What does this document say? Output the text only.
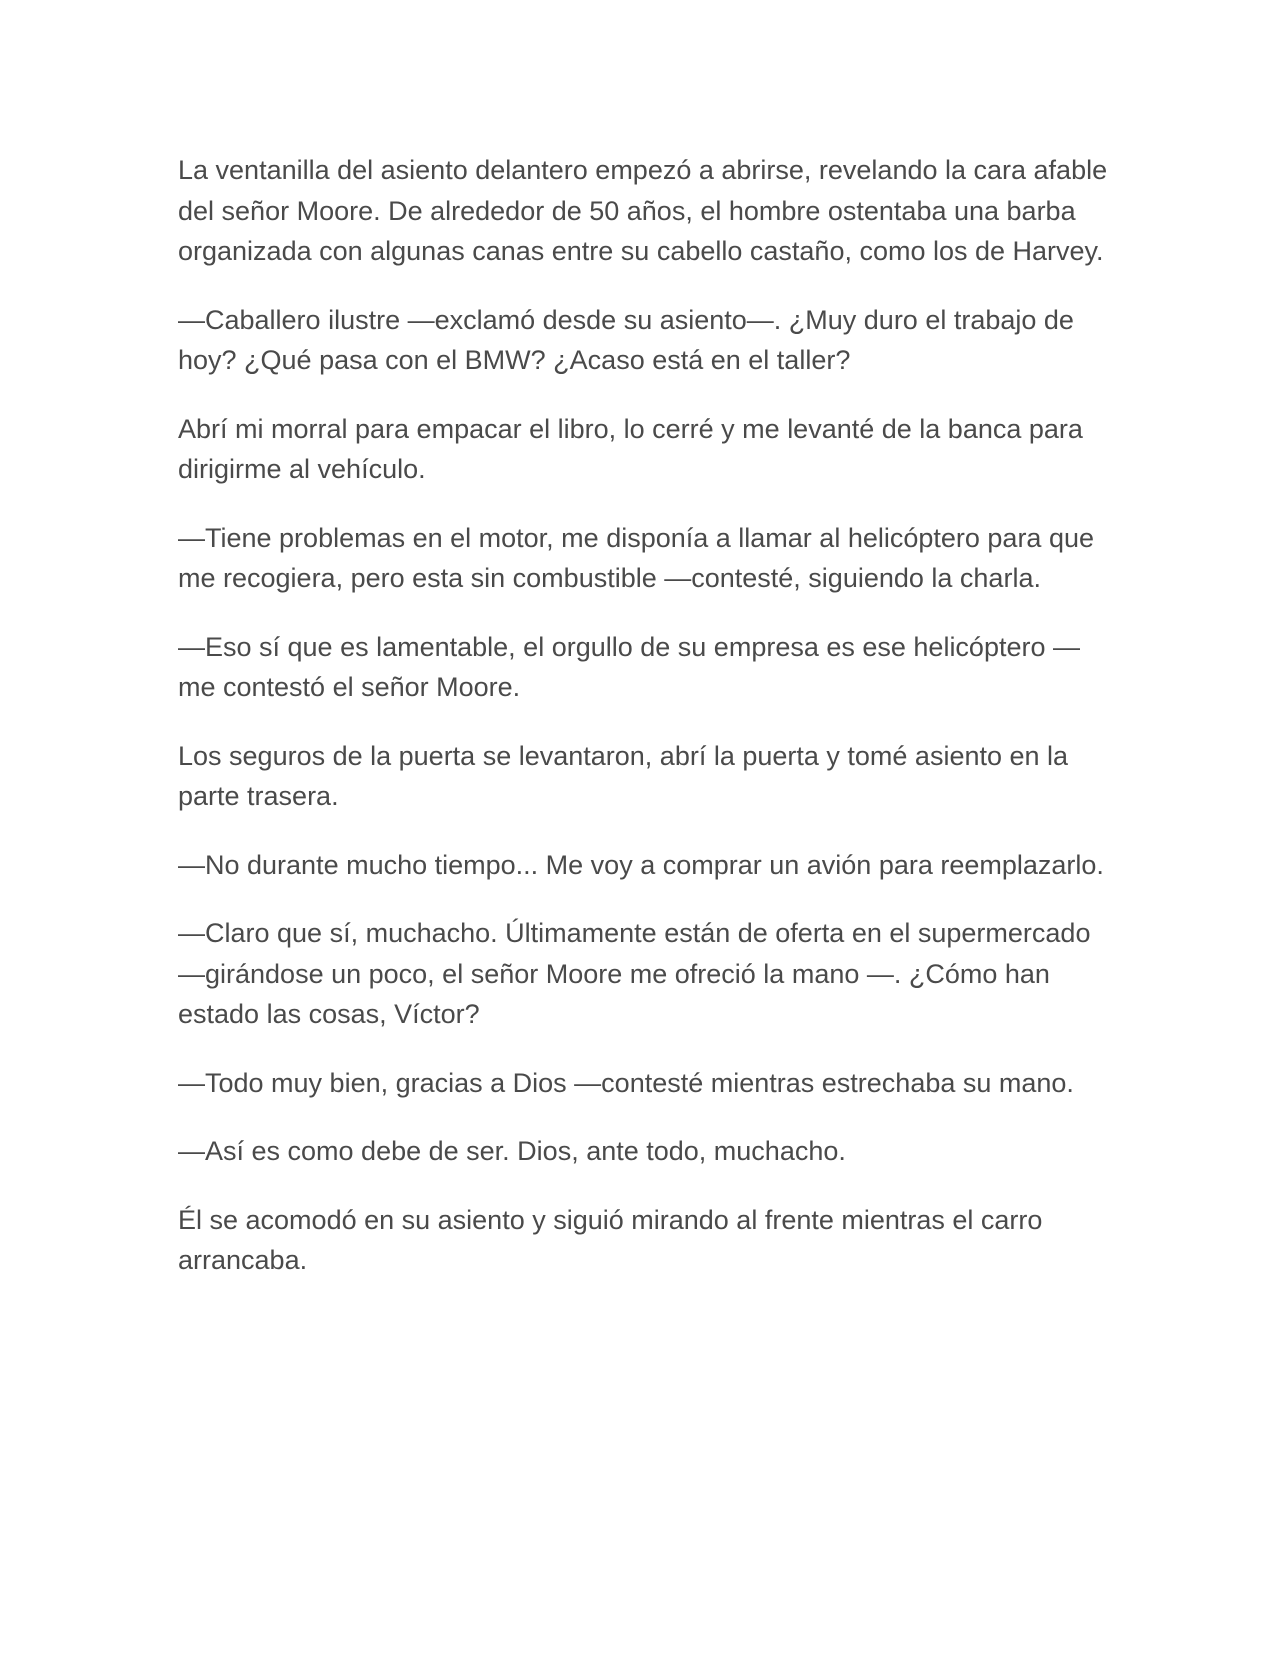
La ventanilla del asiento delantero empezó a abrirse, revelando la cara afable del señor Moore. De alrededor de 50 años, el hombre ostentaba una barba organizada con algunas canas entre su cabello castaño, como los de Harvey.

—Caballero ilustre —exclamó desde su asiento—. ¿Muy duro el trabajo de hoy? ¿Qué pasa con el BMW? ¿Acaso está en el taller?

Abrí mi morral para empacar el libro, lo cerré y me levanté de la banca para dirigirme al vehículo.

—Tiene problemas en el motor, me disponía a llamar al helicóptero para que me recogiera, pero esta sin combustible —contesté, siguiendo la charla.

—Eso sí que es lamentable, el orgullo de su empresa es ese helicóptero —me contestó el señor Moore.

Los seguros de la puerta se levantaron, abrí la puerta y tomé asiento en la parte trasera.

—No durante mucho tiempo... Me voy a comprar un avión para reemplazarlo.

—Claro que sí, muchacho. Últimamente están de oferta en el supermercado —girándose un poco, el señor Moore me ofreció la mano —. ¿Cómo han estado las cosas, Víctor?

—Todo muy bien, gracias a Dios —contesté mientras estrechaba su mano.

—Así es como debe de ser. Dios, ante todo, muchacho.

Él se acomodó en su asiento y siguió mirando al frente mientras el carro arrancaba.
